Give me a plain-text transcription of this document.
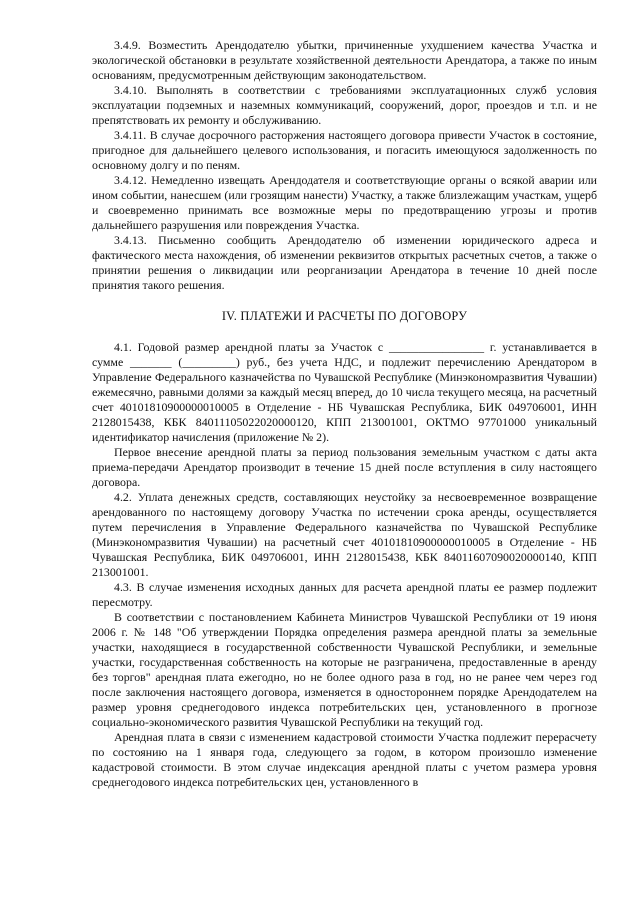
3.4.9. Возместить Арендодателю убытки, причиненные ухудшением качества Участка и экологической обстановки в результате хозяйственной деятельности Арендатора, а также по иным основаниям, предусмотренным действующим законодательством.

3.4.10. Выполнять в соответствии с требованиями эксплуатационных служб условия эксплуатации подземных и наземных коммуникаций, сооружений, дорог, проездов и т.п. и не препятствовать их ремонту и обслуживанию.

3.4.11. В случае досрочного расторжения настоящего договора привести Участок в состояние, пригодное для дальнейшего целевого использования, и погасить имеющуюся задолженность по основному долгу и по пеням.

3.4.12. Немедленно извещать Арендодателя и соответствующие органы о всякой аварии или ином событии, нанесшем (или грозящим нанести) Участку, а также близлежащим участкам, ущерб и своевременно принимать все возможные меры по предотвращению угрозы и против дальнейшего разрушения или повреждения Участка.

3.4.13. Письменно сообщить Арендодателю об изменении юридического адреса и фактического места нахождения, об изменении реквизитов открытых расчетных счетов, а также о принятии решения о ликвидации или реорганизации Арендатора в течение 10 дней после принятия такого решения.

IV. ПЛАТЕЖИ И РАСЧЕТЫ ПО ДОГОВОРУ

4.1. Годовой размер арендной платы за Участок с ________________ г. устанавливается в сумме _______ (_________) руб., без учета НДС, и подлежит перечислению Арендатором в Управление Федерального казначейства по Чувашской Республике (Минэкономразвития Чувашии) ежемесячно, равными долями за каждый месяц вперед, до 10 числа текущего месяца, на расчетный счет 40101810900000010005 в Отделение - НБ Чувашская Республика, БИК 049706001, ИНН 2128015438, КБК 84011105022020000120, КПП 213001001, ОКТМО 97701000 уникальный идентификатор начисления (приложение № 2).

Первое внесение арендной платы за период пользования земельным участком с даты акта приема-передачи Арендатор производит в течение 15 дней после вступления в силу настоящего договора.

4.2. Уплата денежных средств, составляющих неустойку за несвоевременное возвращение арендованного по настоящему договору Участка по истечении срока аренды, осуществляется путем перечисления в Управление Федерального казначейства по Чувашской Республике (Минэкономразвития Чувашии) на расчетный счет 40101810900000010005 в Отделение - НБ Чувашская Республика, БИК 049706001, ИНН 2128015438, КБК 84011607090020000140, КПП 213001001.

4.3. В случае изменения исходных данных для расчета арендной платы ее размер подлежит пересмотру.

В соответствии с постановлением Кабинета Министров Чувашской Республики от 19 июня 2006 г. № 148 "Об утверждении Порядка определения размера арендной платы за земельные участки, находящиеся в государственной собственности Чувашской Республики, и земельные участки, государственная собственность на которые не разграничена, предоставленные в аренду без торгов" арендная плата ежегодно, но не более одного раза в год, но не ранее чем через год после заключения настоящего договора, изменяется в одностороннем порядке Арендодателем на размер уровня среднегодового индекса потребительских цен, установленного в прогнозе социально-экономического развития Чувашской Республики на текущий год.

Арендная плата в связи с изменением кадастровой стоимости Участка подлежит перерасчету по состоянию на 1 января года, следующего за годом, в котором произошло изменение кадастровой стоимости. В этом случае индексация арендной платы с учетом размера уровня среднегодового индекса потребительских цен, установленного в
